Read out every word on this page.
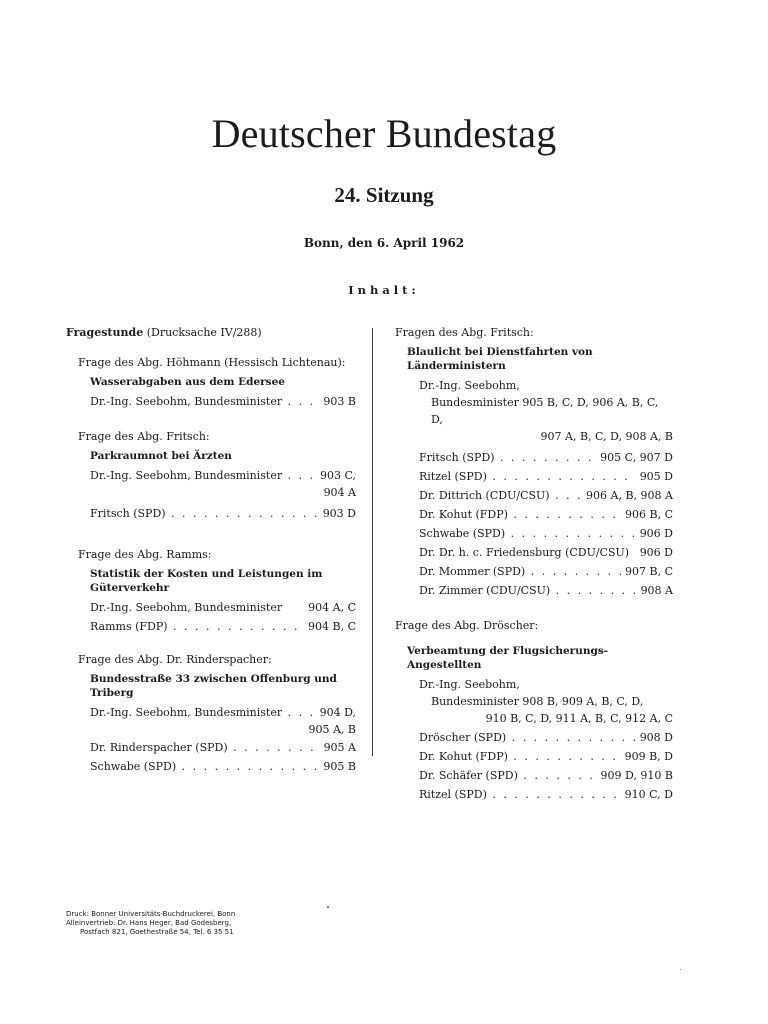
Deutscher Bundestag
24. Sitzung
Bonn, den 6. April 1962
Inhalt:
Fragestunde (Drucksache IV/288)
Frage des Abg. Höhmann (Hessisch Lichtenau):
Wasserabgaben aus dem Edersee
Dr.-Ing. Seebohm, Bundesminister . . .	903 B
Frage des Abg. Fritsch:
Parkraumnot bei Ärzten
Dr.-Ing. Seebohm, Bundesminister . . .	903 C,
904 A
Fritsch (SPD) . . .	903 D
Frage des Abg. Ramms:
Statistik der Kosten und Leistungen im Güterverkehr
Dr.-Ing. Seebohm, Bundesminister	904 A, C
Ramms (FDP) . . .	904 B, C
Frage des Abg. Dr. Rinderspacher:
Bundesstraße 33 zwischen Offenburg und Triberg
Dr.-Ing. Seebohm, Bundesminister . . .	904 D,
905 A, B
Dr. Rinderspacher (SPD) . . .	905 A
Schwabe (SPD) . . .	905 B
Fragen des Abg. Fritsch:
Blaulicht bei Dienstfahrten von Länderministern
Dr.-Ing. Seebohm,
Bundesminister 905 B, C, D, 906 A, B, C, D,
907 A, B, C, D, 908 A, B
Fritsch (SPD) . . .	905 C, 907 D
Ritzel (SPD) . . .	905 D
Dr. Dittrich (CDU/CSU) . . .	906 A, B, 908 A
Dr. Kohut (FDP) . . .	906 B, C
Schwabe (SPD) . . .	906 D
Dr. Dr. h. c. Friedensburg (CDU/CSU) 906 D
Dr. Mommer (SPD) . . .	907 B, C
Dr. Zimmer (CDU/CSU) . . .	908 A
Frage des Abg. Dröscher:
Verbeamtung der Flugsicherungs-Angestellten
Dr.-Ing. Seebohm,
Bundesminister 908 B, 909 A, B, C, D,
910 B, C, D, 911 A, B, C, 912 A, C
Dröscher (SPD) . . .	908 D
Dr. Kohut (FDP) . . .	909 B, D
Dr. Schäfer (SPD) . . .	909 D, 910 B
Ritzel (SPD) . . .	910 C, D
Druck: Bonner Universitäts-Buchdruckerei, Bonn
Alleinvertrieb: Dr. Hans Heger, Bad Godesberg,
Postfach 821, Goethestraße 54, Tel. 6 35 51
